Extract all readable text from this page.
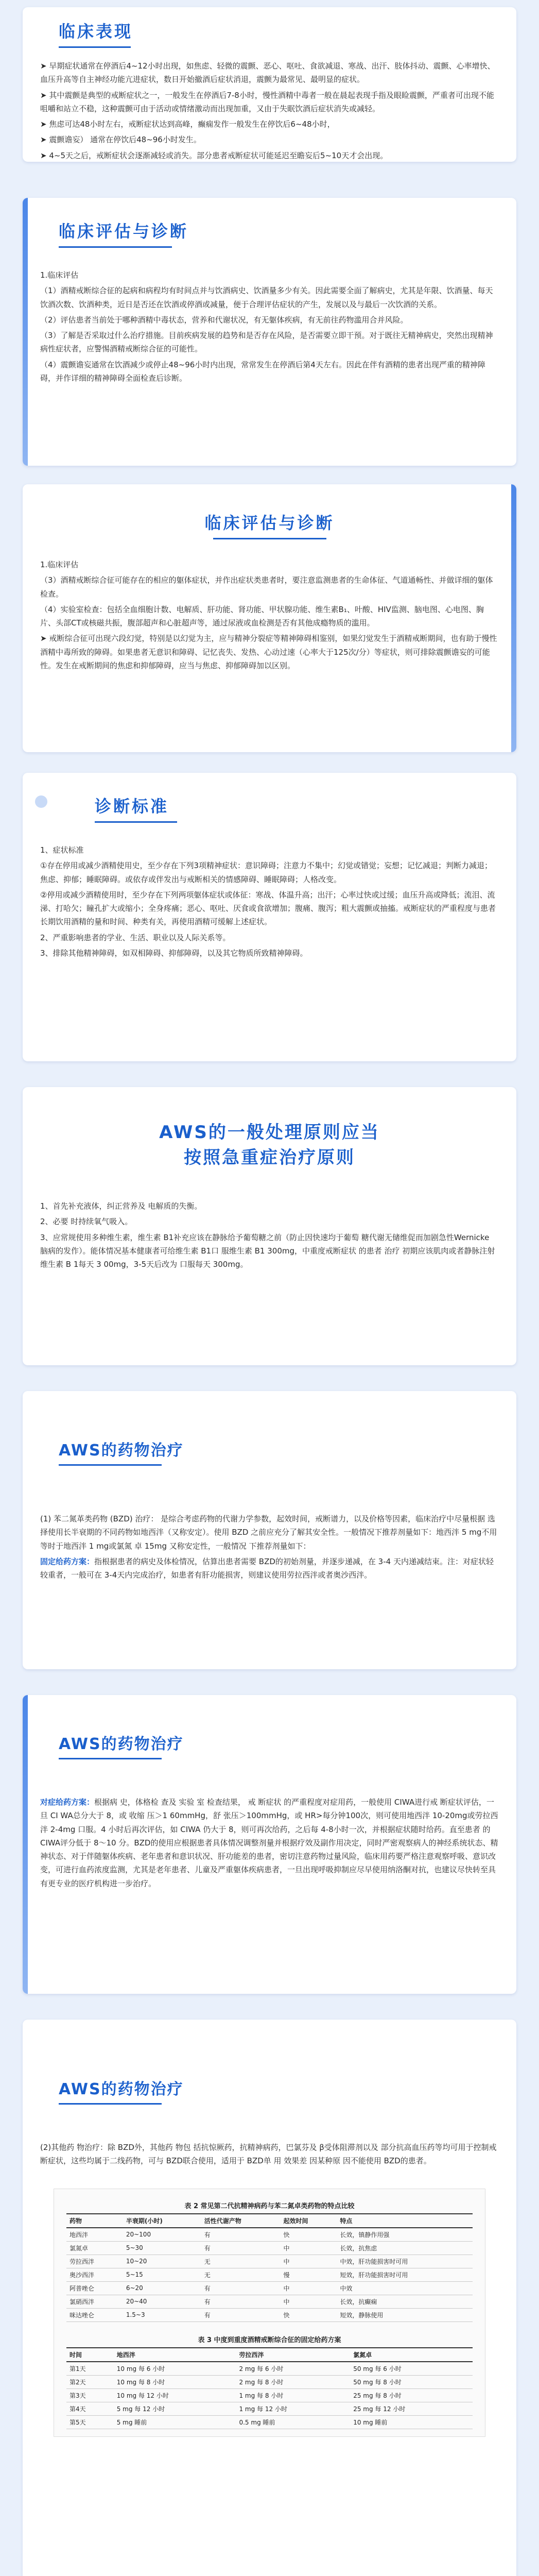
临床表现

➤ 早期症状通常在停酒后4~12小时出现，如焦虑、轻微的震颤、恶心、呕吐、食欲减退、寒战、出汗、肢体抖动、震颤、心率增快、血压升高等自主神经功能亢进症状，数日开始撤酒后症状消退，震颤为最常见、最明显的症状。

➤ 其中震颤是典型的戒断症状之一，一般发生在停酒后7-8小时，慢性酒精中毒者一般在晨起表现手指及眼睑震颤，严重者可出现不能咀嚼和站立不稳，这种震颤可由于活动或情绪激动而出现加重，又由于失眠饮酒后症状消失或减轻。

➤ 焦虑可达48小时左右，戒断症状达到高峰，癫痫发作一般发生在停饮后6~48小时，

➤ 震颤谵妄） 通常在停饮后48~96小时发生。

➤ 4~5天之后，戒断症状会逐渐减轻或消失。部分患者戒断症状可能延迟至瞻妄后5~10天才会出现。

临床评估与诊断

1.临床评估

（1）酒精戒断综合征的起病和病程均有时间点并与饮酒病史、饮酒量多少有关。因此需要全面了解病史，尤其是年限、饮酒量、每天饮酒次数、饮酒种类，近日是否还在饮酒或停酒或减量，便于合理评估症状的产生，发展以及与最后一次饮酒的关系。

（2）评估患者当前处于哪种酒精中毒状态，营养和代谢状况，有无躯体疾病，有无前往药物滥用合并风险。

（3）了解是否采取过什么治疗措施。目前疾病发展的趋势和是否存在风险，是否需要立即干预。对于既往无精神病史，突然出现精神病性症状者，应警惕酒精戒断综合征的可能性。

（4）震颤谵妄通常在饮酒减少或停止48~96小时内出现，常常发生在停酒后第4天左右。因此在伴有酒精的患者出现严重的精神障碍，并作详细的精神障碍全面检查后诊断。

临床评估与诊断

1.临床评估

（3）酒精戒断综合征可能存在的相应的躯体症状，并作出症状类患者时，要注意监测患者的生命体征、气道通畅性、并做详细的躯体检查。

（4）实验室检查：包括全血细胞计数、电解质、肝功能、肾功能、甲状腺功能、维生素B₁、叶酸、HIV监测、脑电图、心电图、胸片、头部CT或核磁共振，腹部超声和心脏超声等，通过尿液或血检测是否有其他成瘾物质的滥用。

➤ 戒断综合征可出现六段幻觉，特别是以幻觉为主，应与精神分裂症等精神障碍相鉴别，如果幻觉发生于酒精戒断期间，也有助于慢性酒精中毒所致的障碍。如果患者无意识和障碍、记忆丧失、发热、心动过速（心率大于125次/分）等症状，则可排除震颤谵妄的可能性。发生在戒断期间的焦虑和抑郁障碍，应当与焦虑、抑郁障碍加以区别。

诊断标准

1、症状标准

①存在停用或减少酒精使用史，至少存在下列3项精神症状：意识障碍；注意力不集中；幻觉或错觉；妄想；记忆减退；判断力减退；焦虑、抑郁；睡眠障碍。或依存或伴发出与戒断相关的情感障碍、睡眠障碍；人格改变。

②停用或减少酒精使用时，至少存在下列两项躯体症状或体征：寒战、体温升高；出汗；心率过快或过缓；血压升高或降低；流泪、流涕、打哈欠；瞳孔扩大或缩小；全身疼痛；恶心、呕吐、厌食或食欲增加；腹痛、腹泻；粗大震颤或抽搐。戒断症状的严重程度与患者长期饮用酒精的量和时间、种类有关，再使用酒精可缓解上述症状。

2、严重影响患者的学业、生活、职业以及人际关系等。

3、排除其他精神障碍，如双相障碍、抑郁障碍，以及其它物质所致精神障碍。

AWS的一般处理原则应当
按照急重症治疗原则

1、首先补充液体，纠正营养及 电解质的失衡。

2、必要 时持续氧气吸入。

3、应常规使用多种维生素，维生素 B1补充应该在静脉给予葡萄糖之前（防止因快速均于葡萄 糖代谢无储维促而加剧急性Wernicke 脑病的发作）。能体情况基本健康者可给维生素 B1口 服维生素 B1 300mg，中重度戒断症状 的患者 治疗 初期应该肌肉或者静脉注射维生素 B 1每天 3 00mg，3-5天后改为 口服每天 300mg。

AWS的药物治疗

(1) 苯二氮革类药物 (BZD) 治疗： 是综合考虑药物的代谢力学参数，起效时间，戒断谱力，以及价格等因素，临床治疗中尽量根据 选择使用长半衰期的不同药物如地西泮（又称安定）。使用 BZD 之前应充分了解其安全性。一般情况下推荐剂量如下：地西泮 5 mg不用等时于地西泮 1 mg或氯氮 卓 15mg 又称安定性，一般情况 下推荐剂量如下：

固定给药方案：指根据患者的病史及体检情况，估算出患者需要 BZD的初始剂量，并逐步递减，在 3-4 天内递减结束。注：对症状轻较重者，一般可在 3-4天内完成治疗，如患者有肝功能损害，则建议使用劳拉西泮或者奥沙西泮。

AWS的药物治疗

对症给药方案：根据病 史，体格检 查及 实验 室 检查结果， 戒 断症状 的严重程度对症用药，一般使用 CIWA进行戒 断症状评估，一旦 CI WA总分大于 8，或 收缩 压＞1 60mmHg，舒 张压＞100mmHg，或 HR>每分钟100次，则可使用地西泮 10-20mg或劳拉西泮 2-4mg 口服。4 小时后再次评估，如 CIWA 仍大于 8，则可再次给药，之后每 4-8小时一次，并根据症状随时给药。直至患者 的 CIWA评分低于 8～10 分。BZD的使用应根据患者具体情况调整剂量并根据疗效及副作用决定，同时严密观察病人的神经系统状态、精神状态、对于伴随躯体疾病、老年患者和意识状况、肝功能差的患者，密切注意药物过量风险，临床用药要严格注意观察呼吸、意识改变，可进行血药浓度监测，尤其是老年患者、儿童及严重躯体疾病患者，一旦出现呼吸抑制应尽早使用纳洛酮对抗，也建议尽快转至具有更专业的医疗机构进一步治疗。

AWS的药物治疗

(2)其他药 物治疗：除 BZD外，其他药 物包 括抗惊厥药，抗精神病药，巴氯芬及 β受体阻滞剂以及 部分抗高血压药等均可用于控制戒断症状，这些均属于二线药物，可与 BZD联合使用，适用于 BZD单 用 效果差 因某种原 因不能使用 BZD的患者。

表 2 常见第二代抗精神病药与苯二氮卓类药物的特点比较
药物	半衰期(小时)	活性代谢产物	起效时间	特点
地西泮	20~100	有	快	长效，镇静作用强
氯氮卓	5~30	有	中	长效，抗焦虑
劳拉西泮	10~20	无	中	中效，肝功能损害时可用
奥沙西泮	5~15	无	慢	短效，肝功能损害时可用
阿普唑仑	6~20	有	中	中效
氯硝西泮	20~40	有	中	长效，抗癫痫
咪达唑仑	1.5~3	有	快	短效，静脉使用
表 3 中度到重度酒精戒断综合征的固定给药方案
时间	地西泮	劳拉西泮	氯氮卓
第1天	10 mg 每 6 小时	2 mg 每 6 小时	50 mg 每 6 小时
第2天	10 mg 每 8 小时	2 mg 每 8 小时	50 mg 每 8 小时
第3天	10 mg 每 12 小时	1 mg 每 8 小时	25 mg 每 8 小时
第4天	5 mg 每 12 小时	1 mg 每 12 小时	25 mg 每 12 小时
第5天	5 mg 睡前	0.5 mg 睡前	10 mg 睡前
